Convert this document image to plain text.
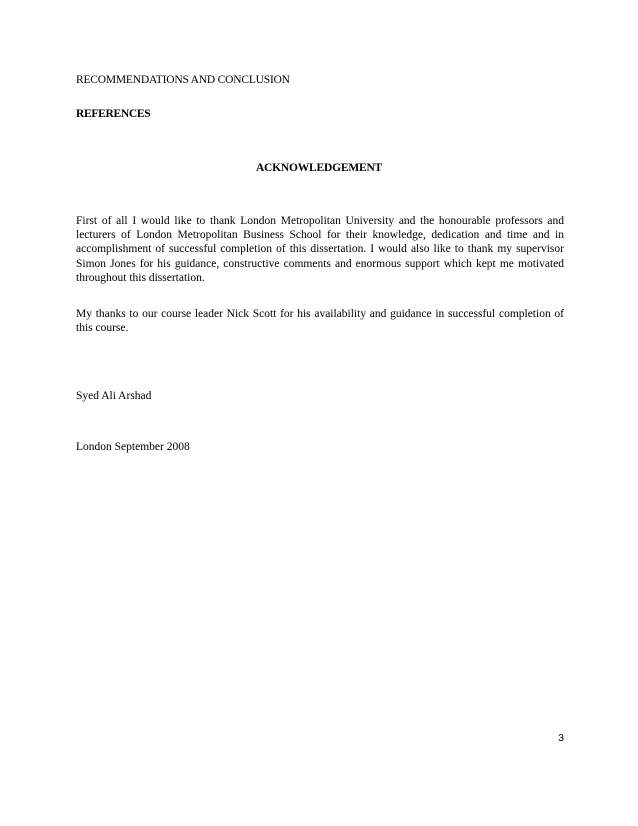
RECOMMENDATIONS AND CONCLUSION

REFERENCES

ACKNOWLEDGEMENT

First of all I would like to thank London Metropolitan University and the honourable professors and lecturers of London Metropolitan Business School for their knowledge, dedication and time and in accomplishment of successful completion of this dissertation. I would also like to thank my supervisor Simon Jones for his guidance, constructive comments and enormous support which kept me motivated throughout this dissertation.

My thanks to our course leader Nick Scott for his availability and guidance in successful completion of this course.

Syed Ali Arshad

London September 2008

3
